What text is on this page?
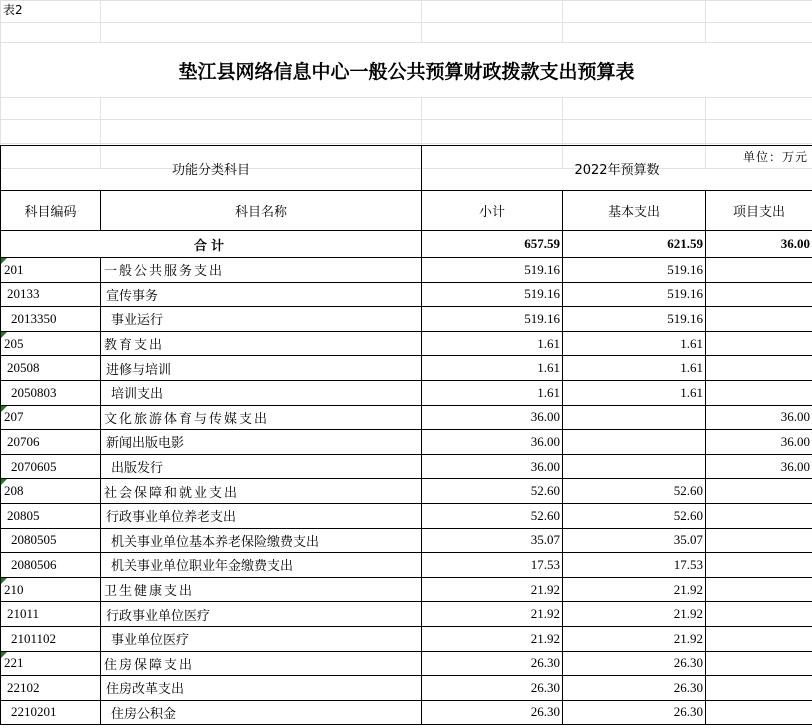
表2				

垫江县网络信息中心一般公共预算财政拨款支出预算表				

				单位：万元
功能分类科目		2022年预算数		
科目编码	科目名称	小计	基本支出	项目支出
合计		657.59	621.59	36.00

201	一般公共服务支出	519.16	519.16	
20133	宣传事务	519.16	519.16	
2013350	事业运行	519.16	519.16	

205	教育支出	1.61	1.61	
20508	进修与培训	1.61	1.61	
2050803	培训支出	1.61	1.61	

207	文化旅游体育与传媒支出	36.00		36.00
20706	新闻出版电影	36.00		36.00
2070605	出版发行	36.00		36.00

208	社会保障和就业支出	52.60	52.60	
20805	行政事业单位养老支出	52.60	52.60	
2080505	机关事业单位基本养老保险缴费支出	35.07	35.07	
2080506	机关事业单位职业年金缴费支出	17.53	17.53	

210	卫生健康支出	21.92	21.92	
21011	行政事业单位医疗	21.92	21.92	
2101102	事业单位医疗	21.92	21.92	

221	住房保障支出	26.30	26.30	
22102	住房改革支出	26.30	26.30	
2210201	住房公积金	26.30	26.30	
